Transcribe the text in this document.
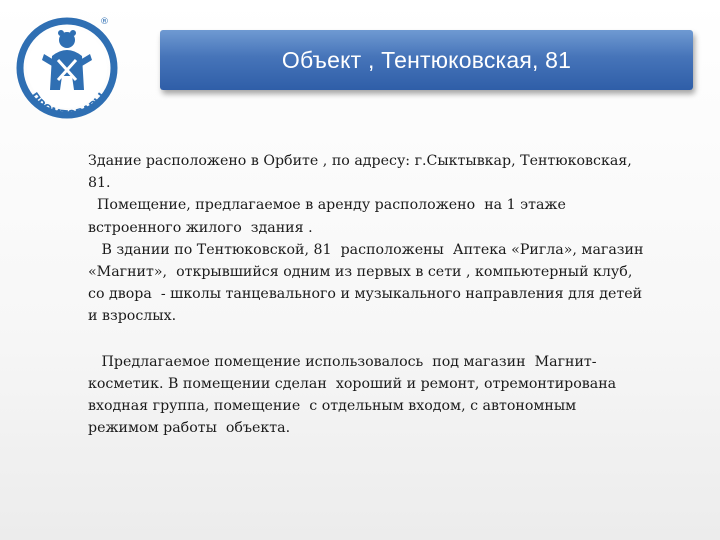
ПРОМТОВАРЫ
®
Объект , Тентюковская, 81

Здание расположено в Орбите , по адресу: г.Сыктывкар, Тентюковская, 81.

Помещение, предлагаемое в аренду расположено  на 1 этаже встроенного жилого  здания .

В здании по Тентюковской, 81  расположены  Аптека «Ригла», магазин «Магнит»,  открывшийся одним из первых в сети , компьютерный клуб,  со двора  - школы танцевального и музыкального направления для детей и взрослых.

Предлагаемое помещение использовалось  под магазин  Магнит-косметик. В помещении сделан  хороший и ремонт, отремонтирована входная группа, помещение  с отдельным входом, с автономным режимом работы  объекта.
